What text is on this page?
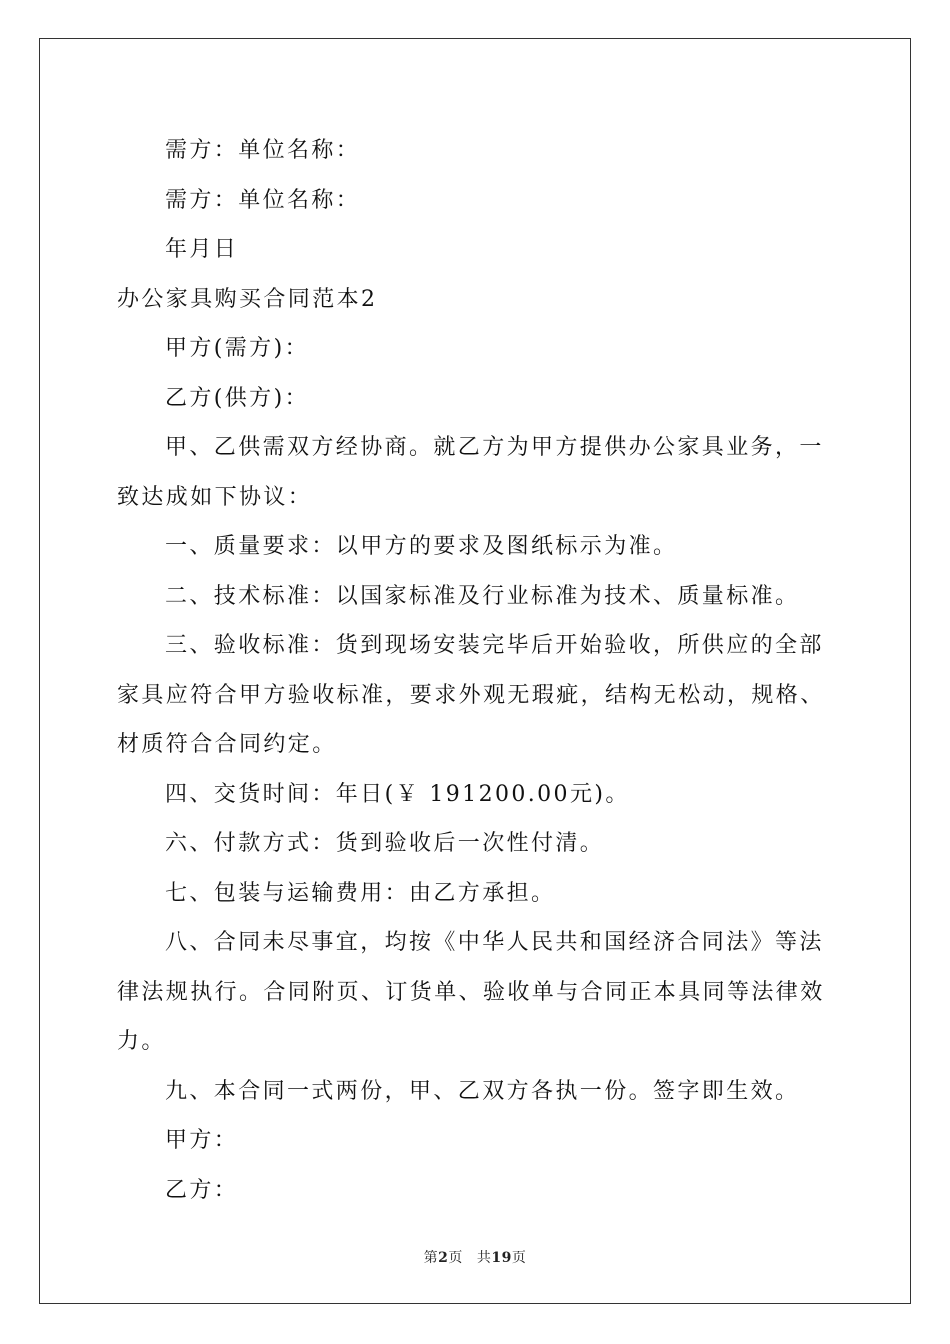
需方：单位名称：
需方：单位名称：
年月日
办公家具购买合同范本2
甲方(需方)：
乙方(供方)：
甲、乙供需双方经协商。就乙方为甲方提供办公家具业务，一致达成如下协议：
一、质量要求：以甲方的要求及图纸标示为准。
二、技术标准：以国家标准及行业标准为技术、质量标准。
三、验收标准：货到现场安装完毕后开始验收，所供应的全部家具应符合甲方验收标准，要求外观无瑕疵，结构无松动，规格、材质符合合同约定。
四、交货时间：年日(￥ 191200.00元)。
六、付款方式：货到验收后一次性付清。
七、包装与运输费用：由乙方承担。
八、合同未尽事宜，均按《中华人民共和国经济合同法》等法律法规执行。合同附页、订货单、验收单与合同正本具同等法律效力。
九、本合同一式两份，甲、乙双方各执一份。签字即生效。
甲方：
乙方：
第2页 共19页
